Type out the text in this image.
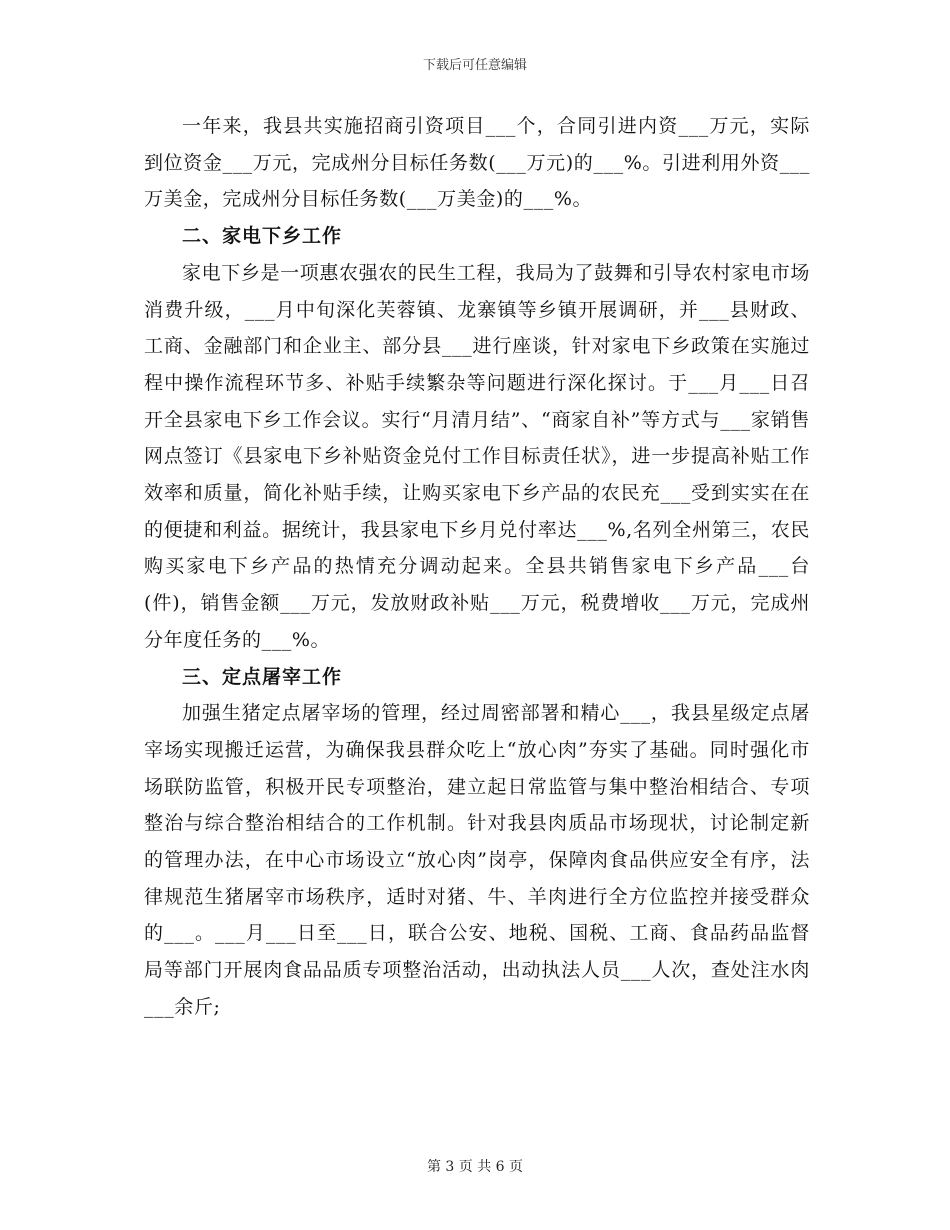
下载后可任意编辑

一年来，我县共实施招商引资项目___个，合同引进内资___万元，实际到位资金___万元，完成州分目标任务数(___万元)的___%。引进利用外资___万美金，完成州分目标任务数(___万美金)的___%。

二、家电下乡工作

家电下乡是一项惠农强农的民生工程，我局为了鼓舞和引导农村家电市场消费升级，___月中旬深化芙蓉镇、龙寨镇等乡镇开展调研，并___县财政、工商、金融部门和企业主、部分县___进行座谈，针对家电下乡政策在实施过程中操作流程环节多、补贴手续繁杂等问题进行深化探讨。于___月___日召开全县家电下乡工作会议。实行“月清月结”、“商家自补”等方式与___家销售网点签订《县家电下乡补贴资金兑付工作目标责任状》，进一步提高补贴工作效率和质量，简化补贴手续，让购买家电下乡产品的农民充___受到实实在在的便捷和利益。据统计，我县家电下乡月兑付率达___%,名列全州第三，农民购买家电下乡产品的热情充分调动起来。全县共销售家电下乡产品___台(件)，销售金额___万元，发放财政补贴___万元，税费增收___万元，完成州分年度任务的___%。

三、定点屠宰工作

加强生猪定点屠宰场的管理，经过周密部署和精心___，我县星级定点屠宰场实现搬迁运营，为确保我县群众吃上“放心肉”夯实了基础。同时强化市场联防监管，积极开民专项整治，建立起日常监管与集中整治相结合、专项整治与综合整治相结合的工作机制。针对我县肉质品市场现状，讨论制定新的管理办法，在中心市场设立“放心肉”岗亭，保障肉食品供应安全有序，法律规范生猪屠宰市场秩序，适时对猪、牛、羊肉进行全方位监控并接受群众的___。___月___日至___日，联合公安、地税、国税、工商、食品药品监督局等部门开展肉食品品质专项整治活动，出动执法人员___人次，查处注水肉___余斤;

第 3 页 共 6 页
